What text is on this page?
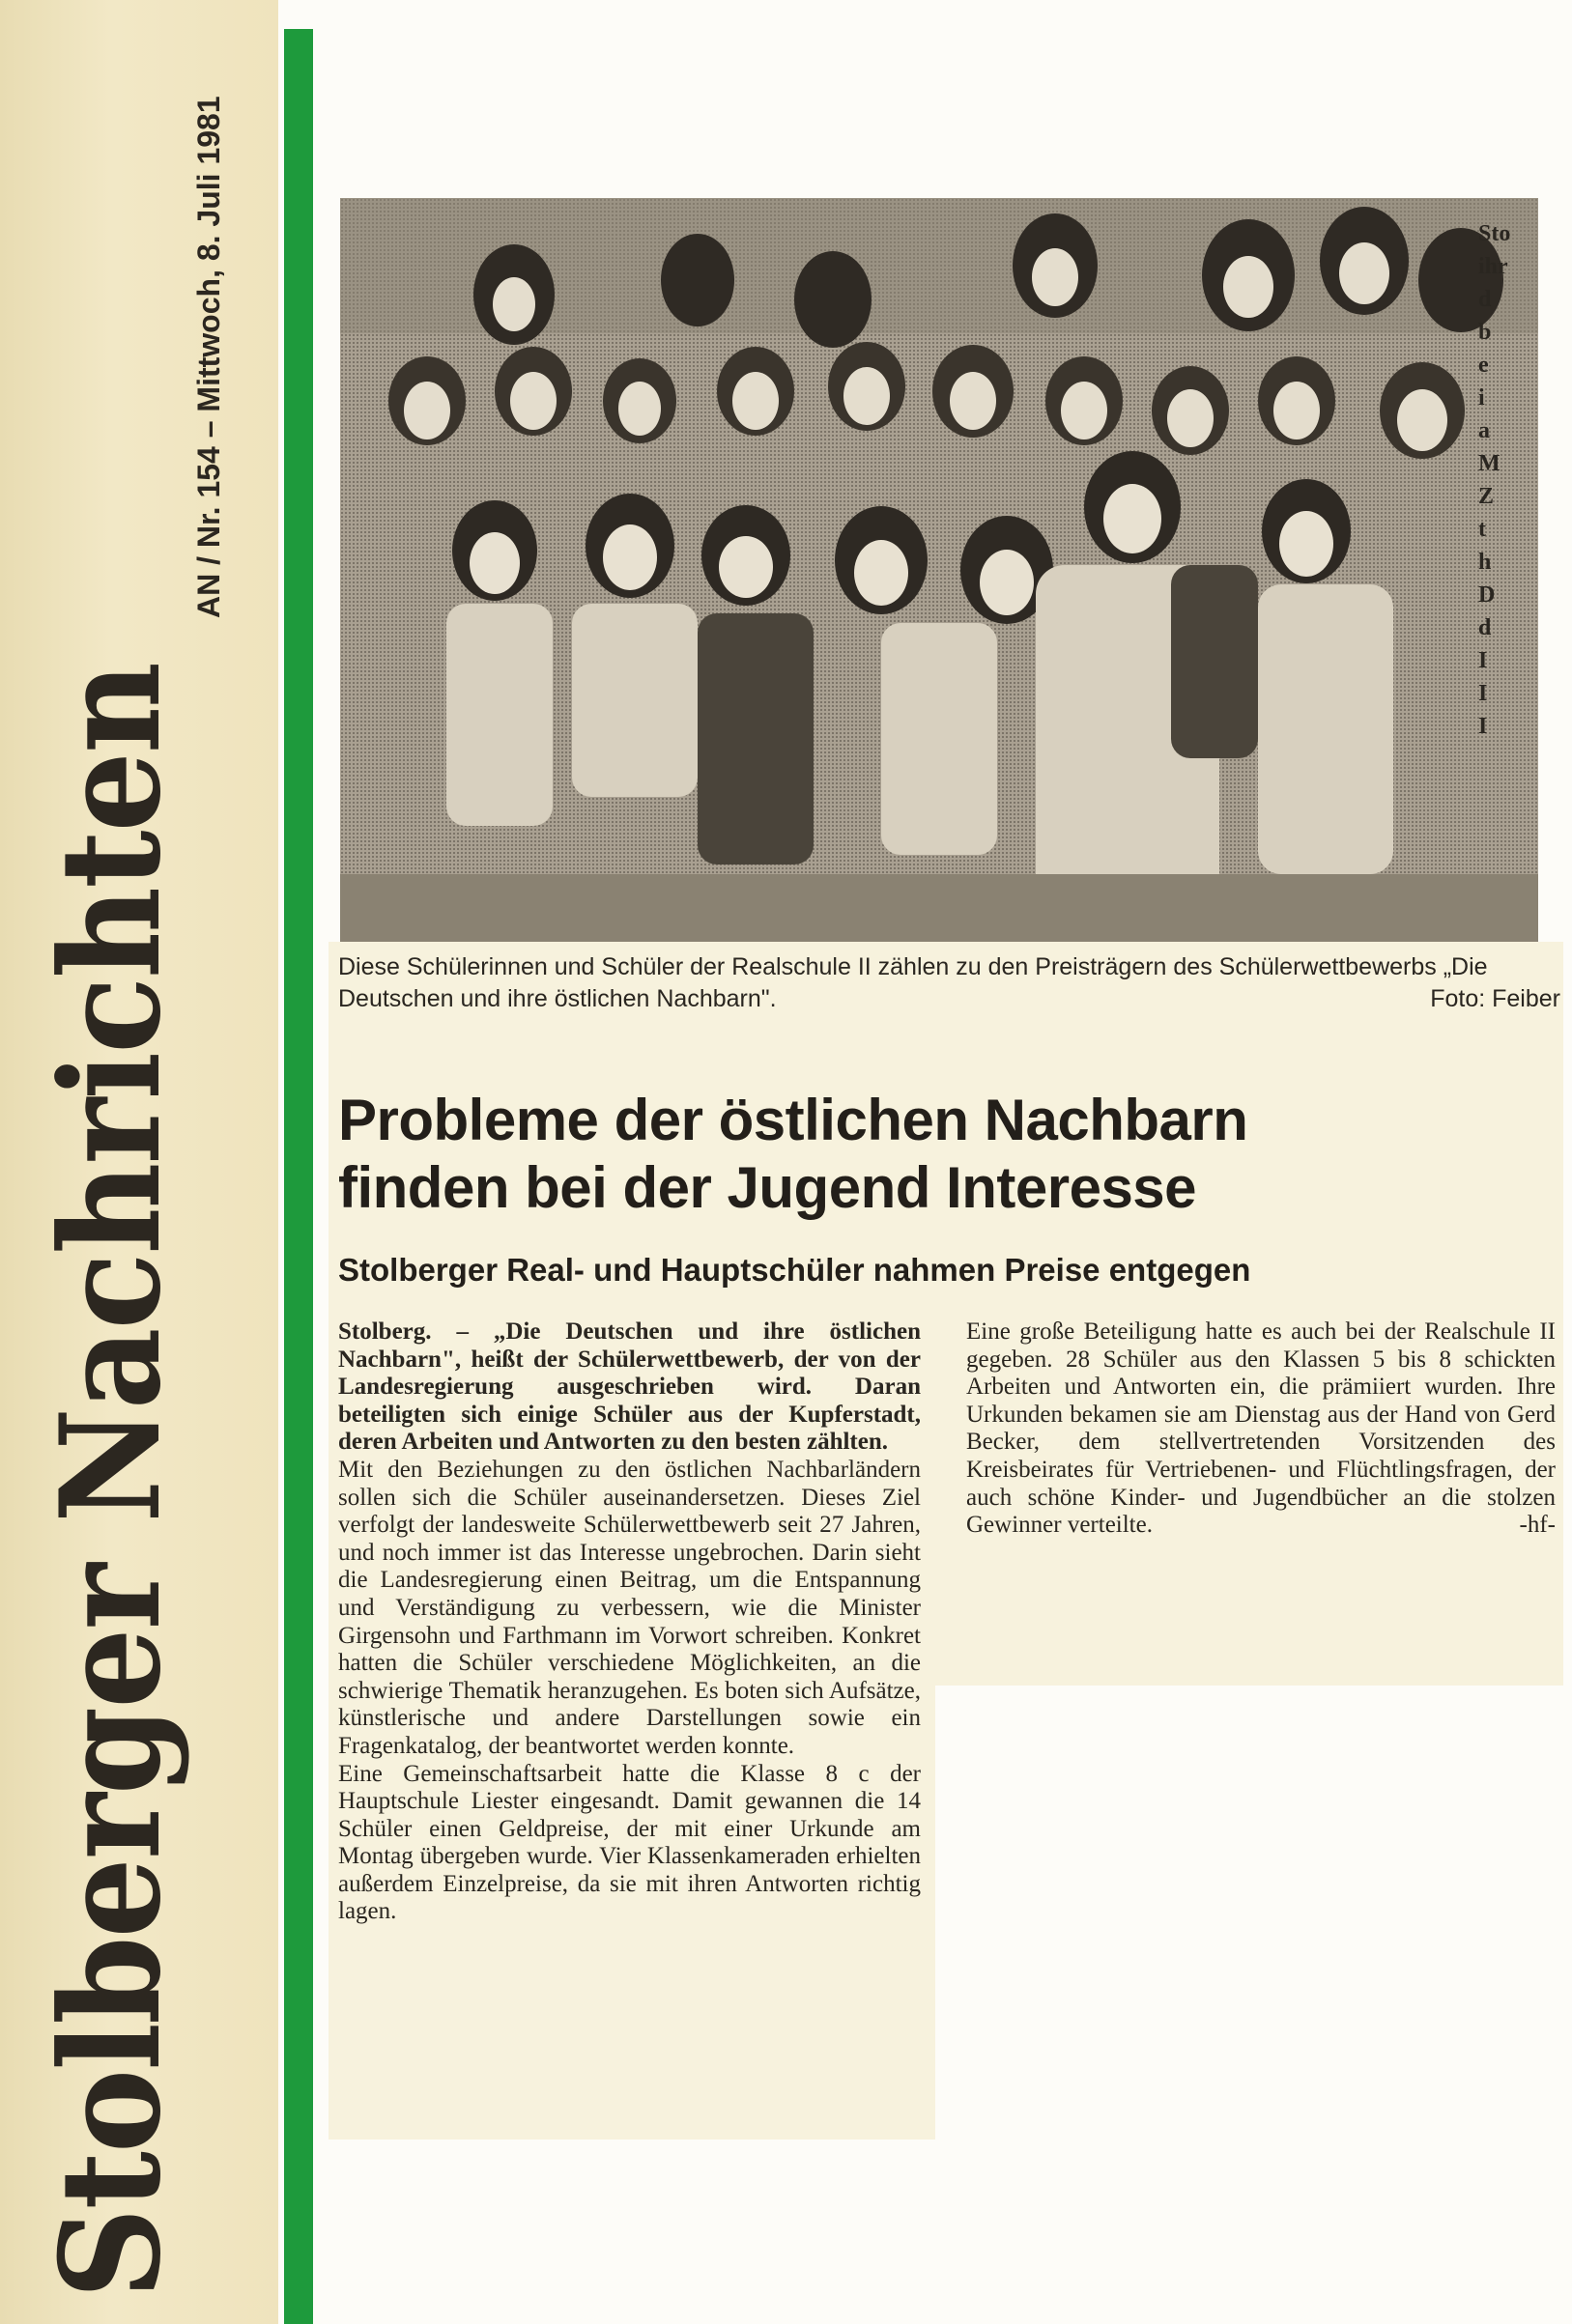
Stolberger Nachrichten
AN / Nr. 154 – Mittwoch, 8. Juli 1981	Sto
ihr
d
b
e
i
a
M
Z
t
h
D
d
I
I
I
Diese Schülerinnen und Schüler der Realschule II zählen zu den Preisträgern des Schülerwettbewerbs „Die Deutschen und ihre östlichen Nachbarn".	Foto: Feiber
Probleme der östlichen Nachbarn
finden bei der Jugend Interesse
Stolberger Real- und Hauptschüler nahmen Preise entgegen

Stolberg. – „Die Deutschen und ihre östlichen Nachbarn", heißt der Schülerwettbewerb, der von der Landesregierung ausgeschrieben wird. Daran beteiligten sich einige Schüler aus der Kupferstadt, deren Arbeiten und Antworten zu den besten zählten.

Mit den Beziehungen zu den östlichen Nachbarländern sollen sich die Schüler auseinandersetzen. Dieses Ziel verfolgt der landesweite Schülerwettbewerb seit 27 Jahren, und noch immer ist das Interesse ungebrochen. Darin sieht die Landesregierung einen Beitrag, um die Entspannung und Verständigung zu verbessern, wie die Minister Girgensohn und Farthmann im Vorwort schreiben. Konkret hatten die Schüler verschiedene Möglichkeiten, an die schwierige Thematik heranzugehen. Es boten sich Aufsätze, künstlerische und andere Darstellungen sowie ein Fragenkatalog, der beantwortet werden konnte.

Eine Gemeinschaftsarbeit hatte die Klasse 8 c der Hauptschule Liester eingesandt. Damit gewannen die 14 Schüler einen Geldpreise, der mit einer Urkunde am Montag übergeben wurde. Vier Klassenkameraden erhielten außerdem Einzelpreise, da sie mit ihren Antworten richtig lagen.

Eine große Beteiligung hatte es auch bei der Realschule II gegeben. 28 Schüler aus den Klassen 5 bis 8 schickten Arbeiten und Antworten ein, die prämiiert wurden. Ihre Urkunden bekamen sie am Dienstag aus der Hand von Gerd Becker, dem stellvertretenden Vorsitzenden des Kreisbeirates für Vertriebenen- und Flüchtlingsfragen, der auch schöne Kinder- und Jugendbücher an die stolzen Gewinner verteilte.	-hf-
